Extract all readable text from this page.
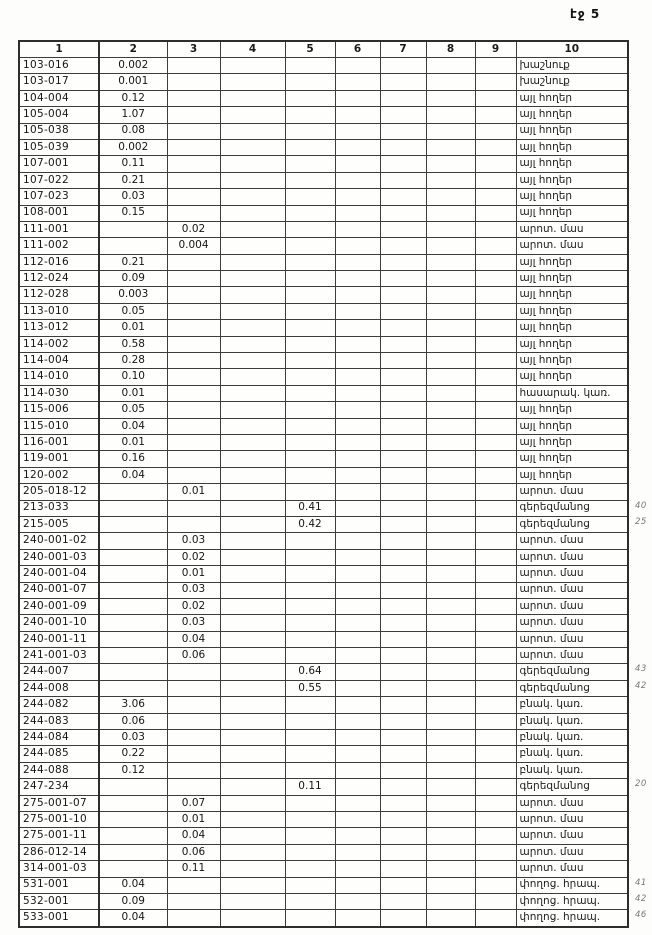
էջ 5
1	2	3	4	5	6	7	8	9	10
103-016	0.002								խաշնուք
103-017	0.001								խաշնուք
104-004	0.12								այլ հողեր
105-004	1.07								այլ հողեր
105-038	0.08								այլ հողեր
105-039	0.002								այլ հողեր
107-001	0.11								այլ հողեր
107-022	0.21								այլ հողեր
107-023	0.03								այլ հողեր
108-001	0.15								այլ հողեր
111-001		0.02							արոտ. մաս
111-002		0.004							արոտ. մաս
112-016	0.21								այլ հողեր
112-024	0.09								այլ հողեր
112-028	0.003								այլ հողեր
113-010	0.05								այլ հողեր
113-012	0.01								այլ հողեր
114-002	0.58								այլ հողեր
114-004	0.28								այլ հողեր
114-010	0.10								այլ հողեր
114-030	0.01								հասարակ. կառ.
115-006	0.05								այլ հողեր
115-010	0.04								այլ հողեր
116-001	0.01								այլ հողեր
119-001	0.16								այլ հողեր
120-002	0.04								այլ հողեր
205-018-12		0.01							արոտ. մաս
213-033				0.41					գերեզմանոց 40

215-005				0.42					գերեզմանոց 25

240-001-02		0.03							արոտ. մաս
240-001-03		0.02							արոտ. մաս
240-001-04		0.01							արոտ. մաս
240-001-07		0.03							արոտ. մաս
240-001-09		0.02							արոտ. մաս
240-001-10		0.03							արոտ. մաս
240-001-11		0.04							արոտ. մաս
241-001-03		0.06							արոտ. մաս
244-007				0.64					գերեզմանոց 43

244-008				0.55					գերեզմանոց 42

244-082	3.06								բնակ. կառ.
244-083	0.06								բնակ. կառ.
244-084	0.03								բնակ. կառ.
244-085	0.22								բնակ. կառ.
244-088	0.12								բնակ. կառ.
247-234				0.11					գերեզմանոց 20

275-001-07		0.07							արոտ. մաս
275-001-10		0.01							արոտ. մաս
275-001-11		0.04							արոտ. մաս
286-012-14		0.06							արոտ. մաս
314-001-03		0.11							արոտ. մաս
531-001	0.04								փողոց. հրապ. 41

532-001	0.09								փողոց. հրապ. 42

533-001	0.04								փողոց. հրապ. 46
